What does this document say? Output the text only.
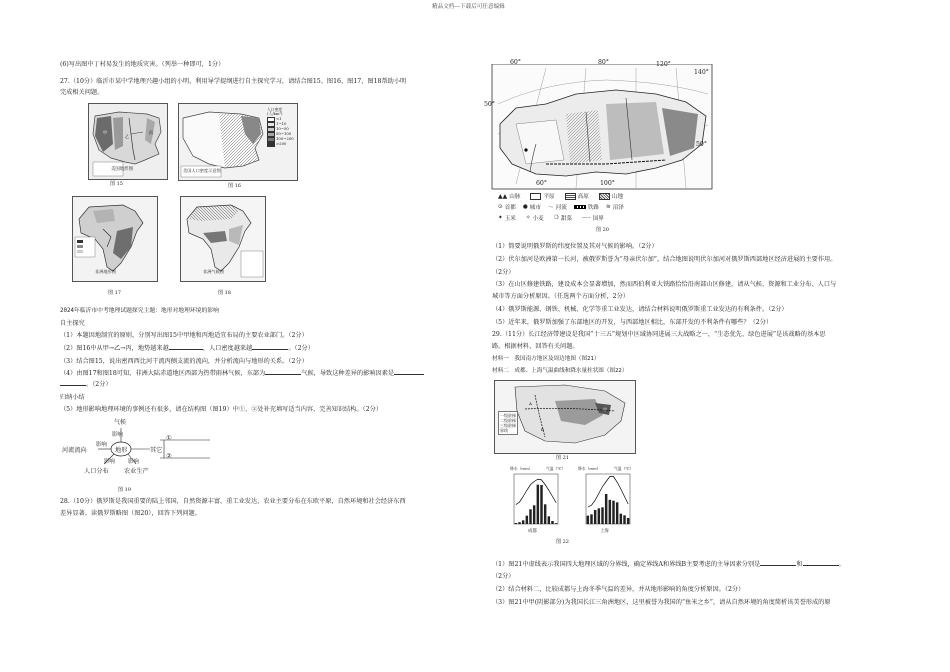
精品文档---下载后可任意编辑
(6)写出图中丁村易发生的地质灾害。（列举一种即可，1分）
27.（10分）临沂市某中学地理兴趣小组的小明，利用导学提纲进行自主探究学习，请结合图15、图16、图17、图18帮助小明
完成相关问题。
甲
乙
丙
美国地形图
图 15
美国人口密度示意图
人口密度
(人/km²)
<1
1~10
10~50
50~100
100~200
>200
图 16
非洲地形图
图 17
非洲气候图
图 18
2024年临沂市中考地理试题探究主题：地形对地理环境的影响
自主探究
（1）本题因地制宜的原则，分别写出图15中甲地和丙地适宜布局的主要农业部门。（2分）
（2）图16中从甲→乙→丙，地势越来越	，人口密度越来越	。（2分）
（3）结合图15，说出密西西比河干流丙侧支流的流向，并分析流向与地形的关系。（2分）
（4）由图17和图18可知，非洲大陆赤道地区西部为热带雨林气候，东部为	气候，导致这种差异的影响因素是
。（2分）
归纳小结
（5）地形影响地理环境的事例还有很多，请在结构图（图19）中①、②处补充填写适当内容，完善知识结构。（2分）
气候
影响
地形
河流流向
影响
影响 影响
人口分布 农业生产
其它
①
②
图 19
28.（10分）俄罗斯是我国重要的陆上邻国，自然资源丰富，重工业发达，农业主要分布在东欧平原，自然环境和社会经济东西
差异显著。读俄罗斯略图（图20），回答下列问题。
60°	80°	120°
140°
50°
50°
60°	100°
▲▲ 山脉	平原	高原	山地
⊙ 首都 ● 城市 〜 河流	铁路 ≋ 沼泽
✦ 玉米 ✧ 小麦 ❍ 甜菜 -·-·- 国界
图 20
（1）简要说明俄罗斯的纬度位置及其对气候的影响。（2分）
（2）伏尔加河是欧洲第一长河，被俄罗斯誉为“母亲伏尔加”，结合地图说明伏尔加河对俄罗斯西部地区经济进展的主要作用。
（2分）
（3）在山区修建铁路，建设成本会显著增加，然而西伯利亚大铁路恰恰沿南部山区修建，请从气候、资源和工业分布、人口与
城市等方面分析原因。（任选两个方面分析，2分）
（4）俄罗斯能源、钢铁、机械、化学等重工业发达，请结合材料说明俄罗斯重工业发达的有利条件。（2分）
（5）近年来，俄罗斯加强了东部地区的开发，与西部地区相比，东部开发的不利条件有哪些？（2分）
29.（11分）长江经济带建设是我国“十三五”规划中区域协同进展三大战略之一，“生态优先、绿色进展”是该战略的基本思
路。根据材料，回答有关问题。
材料一　我国南方地区及周边地图（图21）
材料二　成都、上海气温曲线和降水量柱状图（图22）
甲
A
B
一级阶梯
二级阶梯
三级阶梯
界线
图 21
降水（mm）	气温（℃）	降水（mm）	气温（℃）
成都	上海
图 22
（1）图21中虚线表示我国四大地理区域的分界线，确定界线A和界线B主要考虑的主导因素分别是	和	。
（2分）
（2）结合材料二，比较成都与上海冬季气温的差异，并从地形影响的角度分析原因。（2分）
（3）图21中甲(阴影部分)为我国长江三角洲地区，这里被誉为我国的“鱼米之乡”，请从自然环境的角度简析该美誉形成的原
